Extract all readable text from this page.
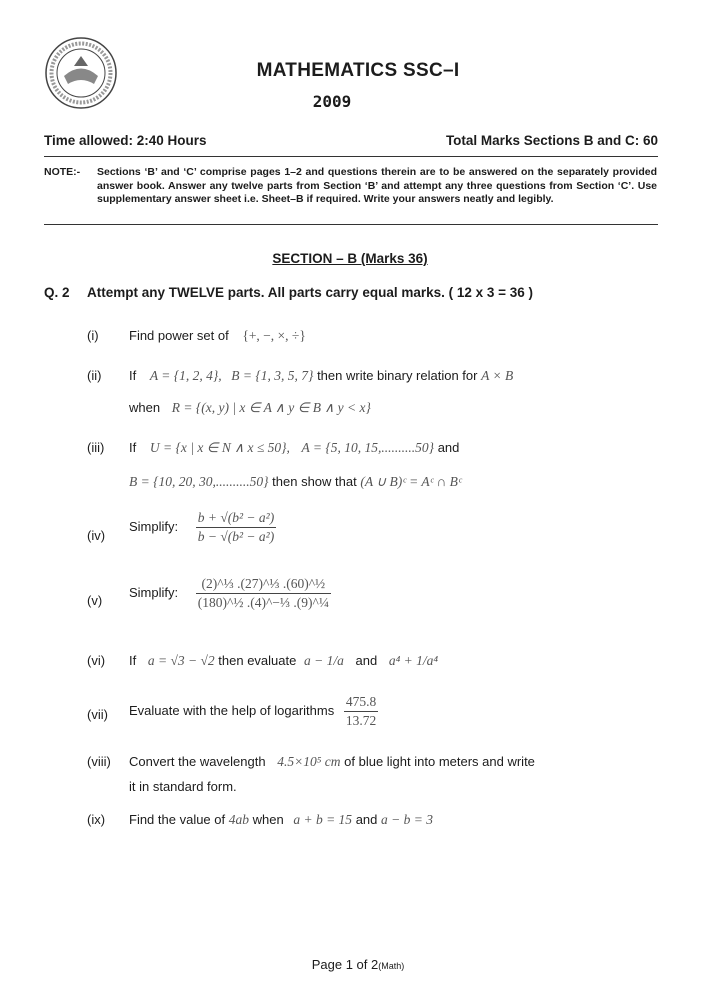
MATHEMATICS SSC–I
2009
Time allowed: 2:40 Hours	Total Marks Sections B and C: 60
NOTE:- Sections ‘B’ and ‘C’ comprise pages 1–2 and questions therein are to be answered on the separately provided answer book. Answer any twelve parts from Section ‘B’ and attempt any three questions from Section ‘C’. Use supplementary answer sheet i.e. Sheet–B if required. Write your answers neatly and legibly.
SECTION – B (Marks 36)
Q. 2 Attempt any TWELVE parts. All parts carry equal marks. ( 12 x 3 = 36 )
(i) Find power set of {+, −, ×, ÷}
(ii) If A = {1, 2, 4}, B = {1, 3, 5, 7} then write binary relation for A × B
when R = {(x, y) | x ∈ A ∧ y ∈ B ∧ y < x}
(iii) If U = {x | x ∈ N ∧ x ≤ 50}, A = {5, 10, 15,..........50} and
B = {10, 20, 30,..........50} then show that (A ∪ B)ᶜ = Aᶜ ∩ Bᶜ
(iv)
Simplify: $\frac{\text{b + √(b² − a²)}}{\text{b − √(b² − a²)}}$
(v)
Simplify: $\frac{\text{(2)\textasciicircum{}⅓ .(27)\textasciicircum{}⅓ .(60)\textasciicircum{}½}}{\text{(180)\textasciicircum{}½ .(4)\textasciicircum{}−⅓ .(9)\textasciicircum{}¼}}$
(vi) If a = √3 − √2 then evaluate a − 1/a and a⁴ + 1/a⁴
(vii) Evaluate with the help of logarithms $\frac{475.8}{13.72}$
(viii) Convert the wavelength 4.5×10⁵ cm of blue light into meters and write
it in standard form.
(ix) Find the value of 4ab when a + b = 15 and a − b = 3
Page 1 of 2(Math)
